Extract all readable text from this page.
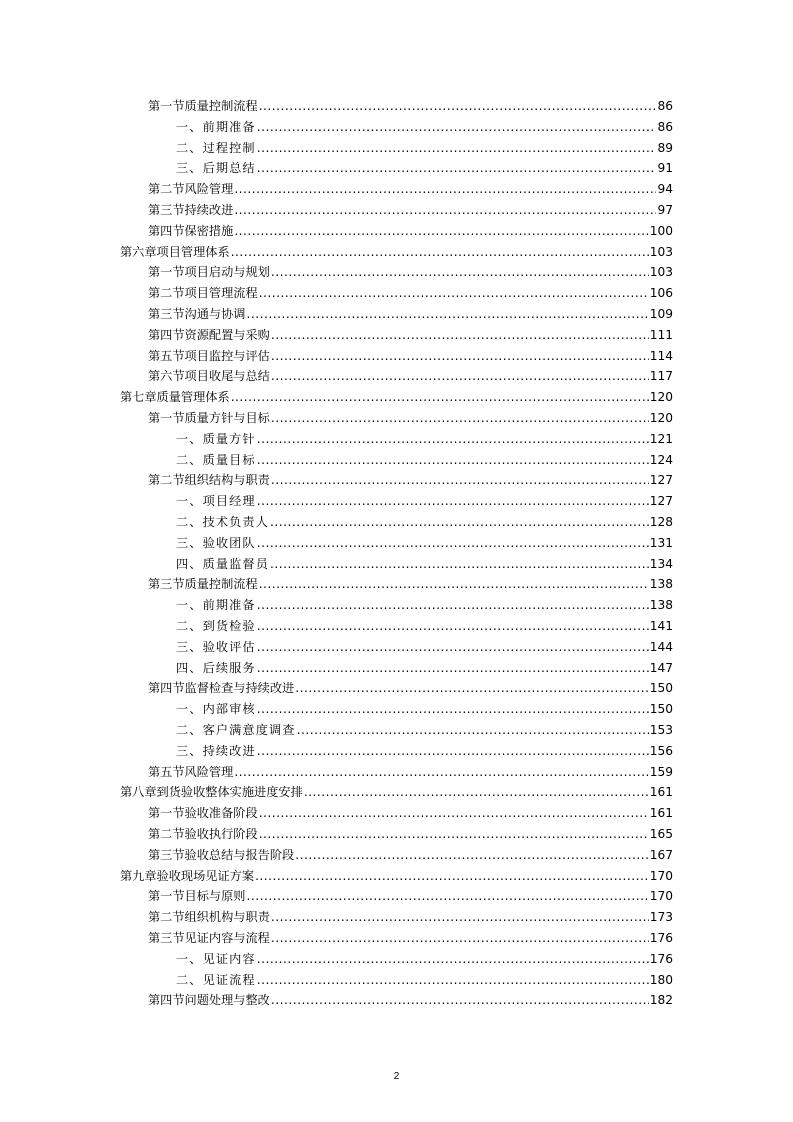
第一节质量控制流程 .....	86
一、前期准备 .....	86
二、过程控制 .....	89
三、后期总结 .....	91
第二节风险管理 .....	94
第三节持续改进 .....	97
第四节保密措施 .....	100
第六章项目管理体系 .....	103
第一节项目启动与规划 .....	103
第二节项目管理流程 .....	106
第三节沟通与协调 .....	109
第四节资源配置与采购 .....	111
第五节项目监控与评估 .....	114
第六节项目收尾与总结 .....	117
第七章质量管理体系 .....	120
第一节质量方针与目标 .....	120
一、质量方针 .....	121
二、质量目标 .....	124
第二节组织结构与职责 .....	127
一、项目经理 .....	127
二、技术负责人 .....	128
三、验收团队 .....	131
四、质量监督员 .....	134
第三节质量控制流程 .....	138
一、前期准备 .....	138
二、到货检验 .....	141
三、验收评估 .....	144
四、后续服务 .....	147
第四节监督检查与持续改进 .....	150
一、内部审核 .....	150
二、客户满意度调查 .....	153
三、持续改进 .....	156
第五节风险管理 .....	159
第八章到货验收整体实施进度安排 .....	161
第一节验收准备阶段 .....	161
第二节验收执行阶段 .....	165
第三节验收总结与报告阶段 .....	167
第九章验收现场见证方案 .....	170
第一节目标与原则 .....	170
第二节组织机构与职责 .....	173
第三节见证内容与流程 .....	176
一、见证内容 .....	176
二、见证流程 .....	180
第四节问题处理与整改 .....	182
2
